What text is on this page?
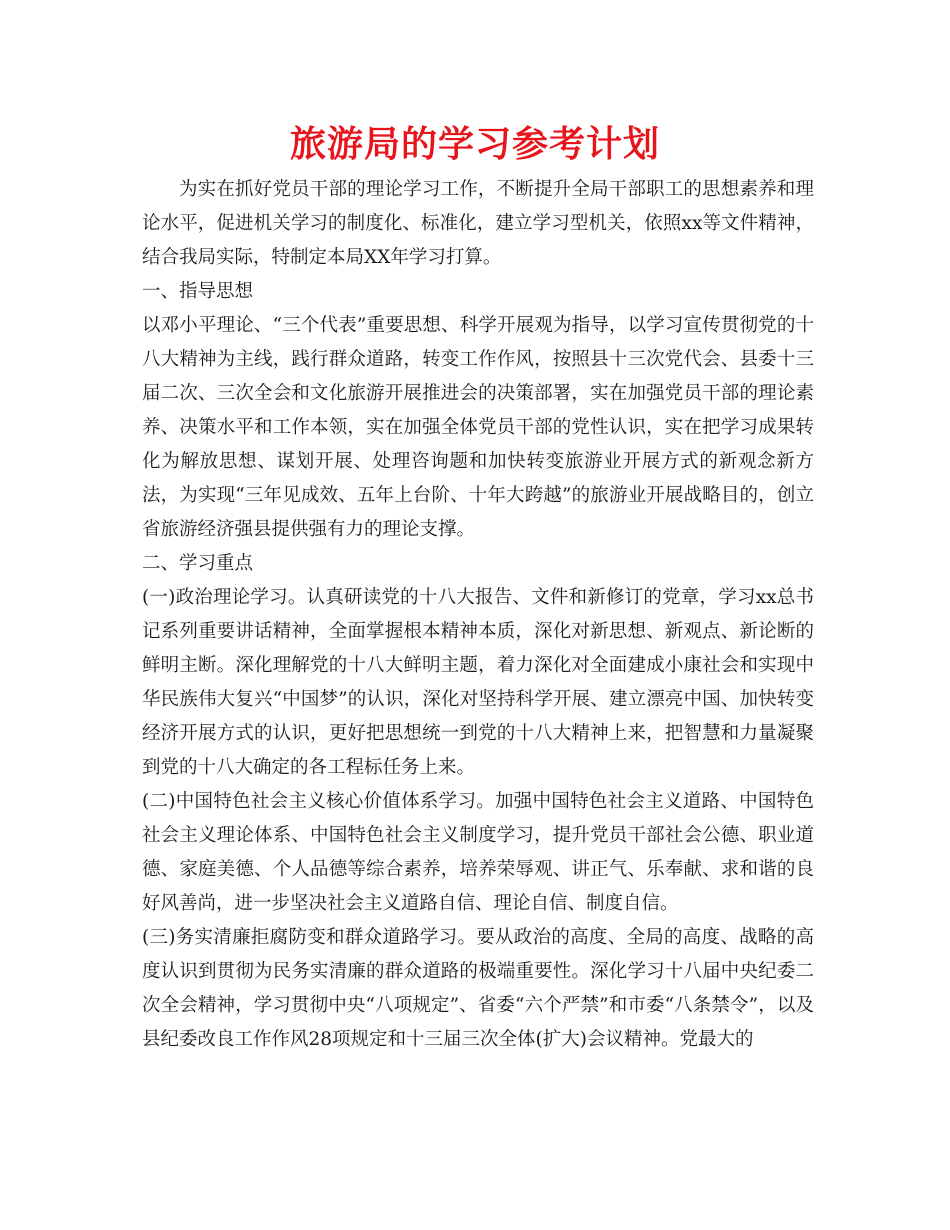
旅游局的学习参考计划

为实在抓好党员干部的理论学习工作，不断提升全局干部职工的思想素养和理论水平，促进机关学习的制度化、标准化，建立学习型机关，依照xx等文件精神，结合我局实际，特制定本局XX年学习打算。

一、指导思想

以邓小平理论、“三个代表”重要思想、科学开展观为指导，以学习宣传贯彻党的十八大精神为主线，践行群众道路，转变工作作风，按照县十三次党代会、县委十三届二次、三次全会和文化旅游开展推进会的决策部署，实在加强党员干部的理论素养、决策水平和工作本领，实在加强全体党员干部的党性认识，实在把学习成果转化为解放思想、谋划开展、处理咨询题和加快转变旅游业开展方式的新观念新方法，为实现“三年见成效、五年上台阶、十年大跨越”的旅游业开展战略目的，创立省旅游经济强县提供强有力的理论支撑。

二、学习重点

(一)政治理论学习。认真研读党的十八大报告、文件和新修订的党章，学习xx总书记系列重要讲话精神，全面掌握根本精神本质，深化对新思想、新观点、新论断的鲜明主断。深化理解党的十八大鲜明主题，着力深化对全面建成小康社会和实现中华民族伟大复兴“中国梦”的认识，深化对坚持科学开展、建立漂亮中国、加快转变经济开展方式的认识，更好把思想统一到党的十八大精神上来，把智慧和力量凝聚到党的十八大确定的各工程标任务上来。

(二)中国特色社会主义核心价值体系学习。加强中国特色社会主义道路、中国特色社会主义理论体系、中国特色社会主义制度学习，提升党员干部社会公德、职业道德、家庭美德、个人品德等综合素养，培养荣辱观、讲正气、乐奉献、求和谐的良好风善尚，进一步坚决社会主义道路自信、理论自信、制度自信。

(三)务实清廉拒腐防变和群众道路学习。要从政治的高度、全局的高度、战略的高度认识到贯彻为民务实清廉的群众道路的极端重要性。深化学习十八届中央纪委二次全会精神，学习贯彻中央“八项规定”、省委“六个严禁”和市委“八条禁令”，以及县纪委改良工作作风28项规定和十三届三次全体(扩大)会议精神。党最大的
